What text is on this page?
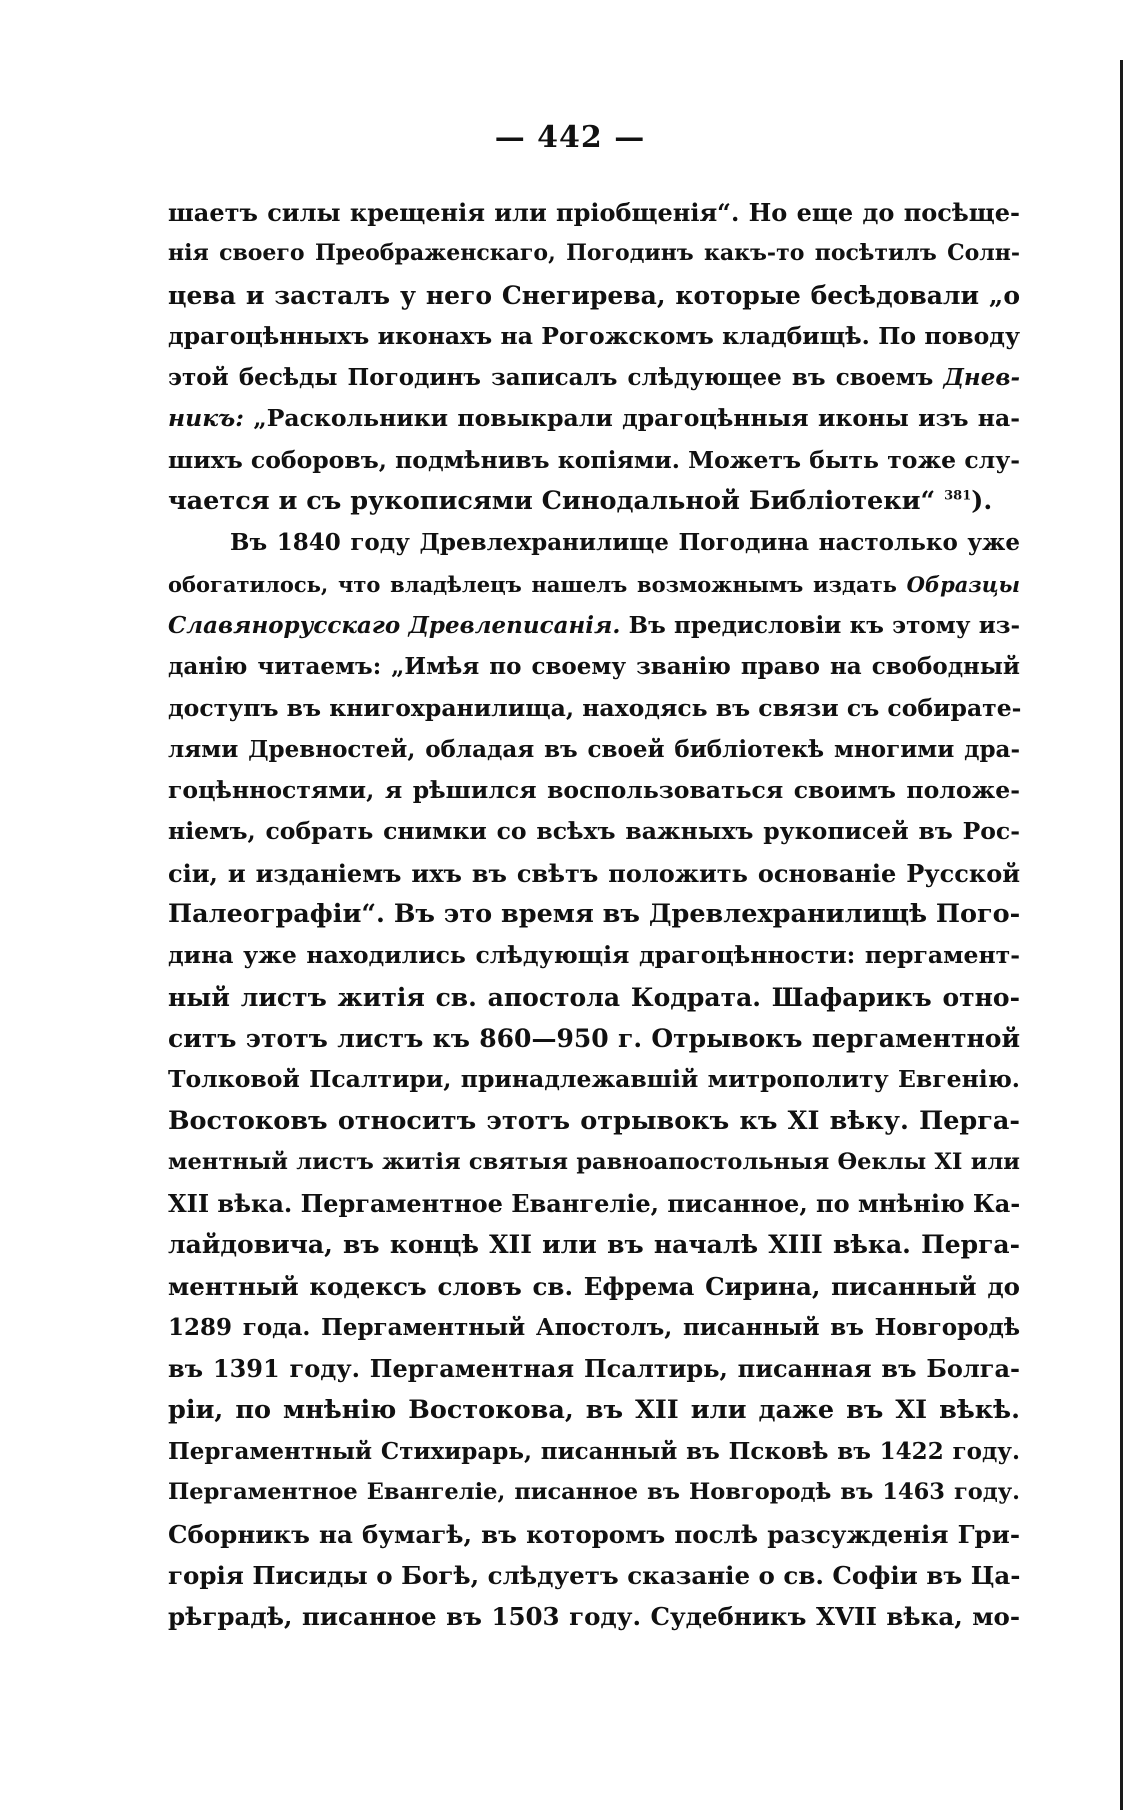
— 442 —
шаетъ силы крещенія или пріобщенія“. Но еще до посѣще-
нія своего Преображенскаго, Погодинъ какъ-то посѣтилъ Солн-
цева и засталъ у него Снегирева, которые бесѣдовали „о
драгоцѣнныхъ иконахъ на Рогожскомъ кладбищѣ. По поводу
этой бесѣды Погодинъ записалъ слѣдующее въ своемъ Днев-
никъ: „Раскольники повыкрали драгоцѣнныя иконы изъ на-
шихъ соборовъ, подмѣнивъ копіями. Можетъ быть тоже слу-
чается и съ рукописями Синодальной Библіотеки“ $^{381}$).
Въ 1840 году Древлехранилище Погодина настолько уже
обогатилось, что владѣлецъ нашелъ возможнымъ издать Образцы
Славянорусскаго Древлеписанія. Въ предисловіи къ этому из-
данію читаемъ: „Имѣя по своему званію право на свободный
доступъ въ книгохранилища, находясь въ связи съ собирате-
лями Древностей, обладая въ своей библіотекѣ многими дра-
гоцѣнностями, я рѣшился воспользоваться своимъ положе-
ніемъ, собрать снимки со всѣхъ важныхъ рукописей въ Рос-
сіи, и изданіемъ ихъ въ свѣтъ положить основаніе Русской
Палеографіи“. Въ это время въ Древлехранилищѣ Пого-
дина уже находились слѣдующія драгоцѣнности: пергамент-
ный листъ житія св. апостола Кодрата. Шафарикъ отно-
ситъ этотъ листъ къ 860—950 г. Отрывокъ пергаментной
Толковой Псалтири, принадлежавшій митрополиту Евгенію.
Востоковъ относитъ этотъ отрывокъ къ XI вѣку. Перга-
ментный листъ житія святыя равноапостольныя Ѳеклы XI или
XII вѣка. Пергаментное Евангеліе, писанное, по мнѣнію Ка-
лайдовича, въ концѣ XII или въ началѣ XIII вѣка. Перга-
ментный кодексъ словъ св. Ефрема Сирина, писанный до
1289 года. Пергаментный Апостолъ, писанный въ Новгородѣ
въ 1391 году. Пергаментная Псалтирь, писанная въ Болга-
ріи, по мнѣнію Востокова, въ XII или даже въ XI вѣкѣ.
Пергаментный Стихирарь, писанный въ Псковѣ въ 1422 году.
Пергаментное Евангеліе, писанное въ Новгородѣ въ 1463 году.
Сборникъ на бумагѣ, въ которомъ послѣ разсужденія Гри-
горія Писиды о Богѣ, слѣдуетъ сказаніе о св. Софіи въ Ца-
рѣградѣ, писанное въ 1503 году. Судебникъ XVII вѣка, мо-
